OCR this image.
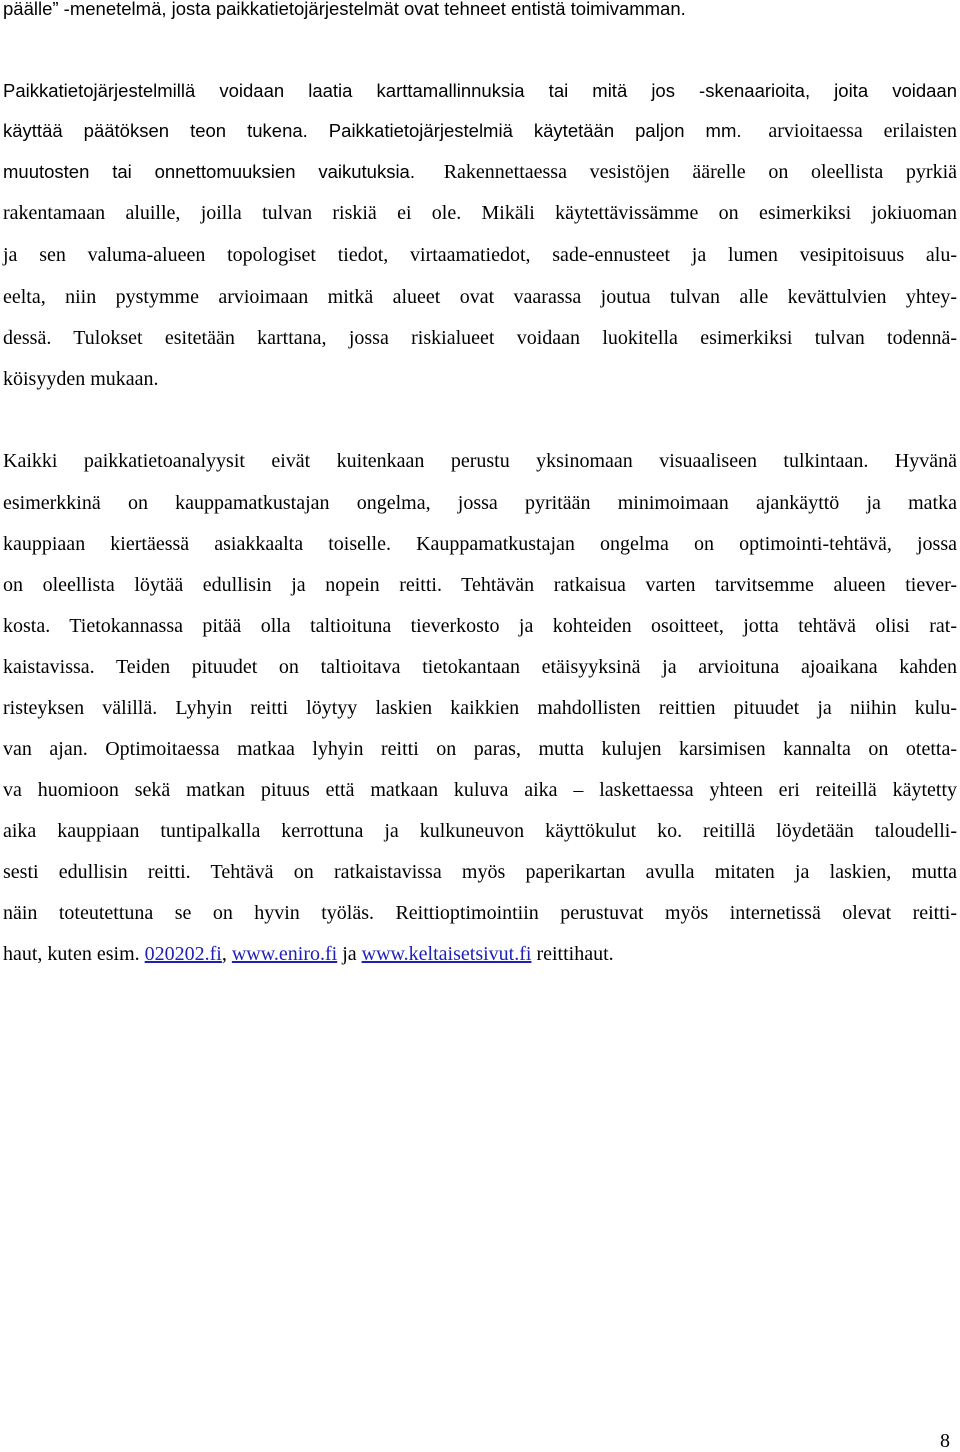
päälle” -menetelmä, josta paikkatietojärjestelmät ovat tehneet entistä toimivamman.
Paikkatietojärjestelmillä voidaan laatia karttamallinnuksia tai mitä jos -skenaarioita, joita voidaan
käyttää päätöksen teon tukena. Paikkatietojärjestelmiä käytetään paljon mm. arvioitaessa erilaisten
muutosten tai onnettomuuksien vaikutuksia. Rakennettaessa vesistöjen äärelle on oleellista pyrkiä
rakentamaan aluille, joilla tulvan riskiä ei ole. Mikäli käytettävissämme on esimerkiksi jokiuoman
ja sen valuma-alueen topologiset tiedot, virtaamatiedot, sade-ennusteet ja lumen vesipitoisuus alu-
eelta, niin pystymme arvioimaan mitkä alueet ovat vaarassa joutua tulvan alle kevättulvien yhtey-
dessä. Tulokset esitetään karttana, jossa riskialueet voidaan luokitella esimerkiksi tulvan todennä-
köisyyden mukaan.
Kaikki paikkatietoanalyysit eivät kuitenkaan perustu yksinomaan visuaaliseen tulkintaan. Hyvänä
esimerkkinä on kauppamatkustajan ongelma, jossa pyritään minimoimaan ajankäyttö ja matka
kauppiaan kiertäessä asiakkaalta toiselle. Kauppamatkustajan ongelma on optimointi-tehtävä, jossa
on oleellista löytää edullisin ja nopein reitti. Tehtävän ratkaisua varten tarvitsemme alueen tiever-
kosta. Tietokannassa pitää olla taltioituna tieverkosto ja kohteiden osoitteet, jotta tehtävä olisi rat-
kaistavissa. Teiden pituudet on taltioitava tietokantaan etäisyyksinä ja arvioituna ajoaikana kahden
risteyksen välillä. Lyhyin reitti löytyy laskien kaikkien mahdollisten reittien pituudet ja niihin kulu-
van ajan. Optimoitaessa matkaa lyhyin reitti on paras, mutta kulujen karsimisen kannalta on otetta-
va huomioon sekä matkan pituus että matkaan kuluva aika – laskettaessa yhteen eri reiteillä käytetty
aika kauppiaan tuntipalkalla kerrottuna ja kulkuneuvon käyttökulut ko. reitillä löydetään taloudelli-
sesti edullisin reitti. Tehtävä on ratkaistavissa myös paperikartan avulla mitaten ja laskien, mutta
näin toteutettuna se on hyvin työläs. Reittioptimointiin perustuvat myös internetissä olevat reitti-
haut, kuten esim. 020202.fi, www.eniro.fi ja www.keltaisetsivut.fi reittihaut.
8
